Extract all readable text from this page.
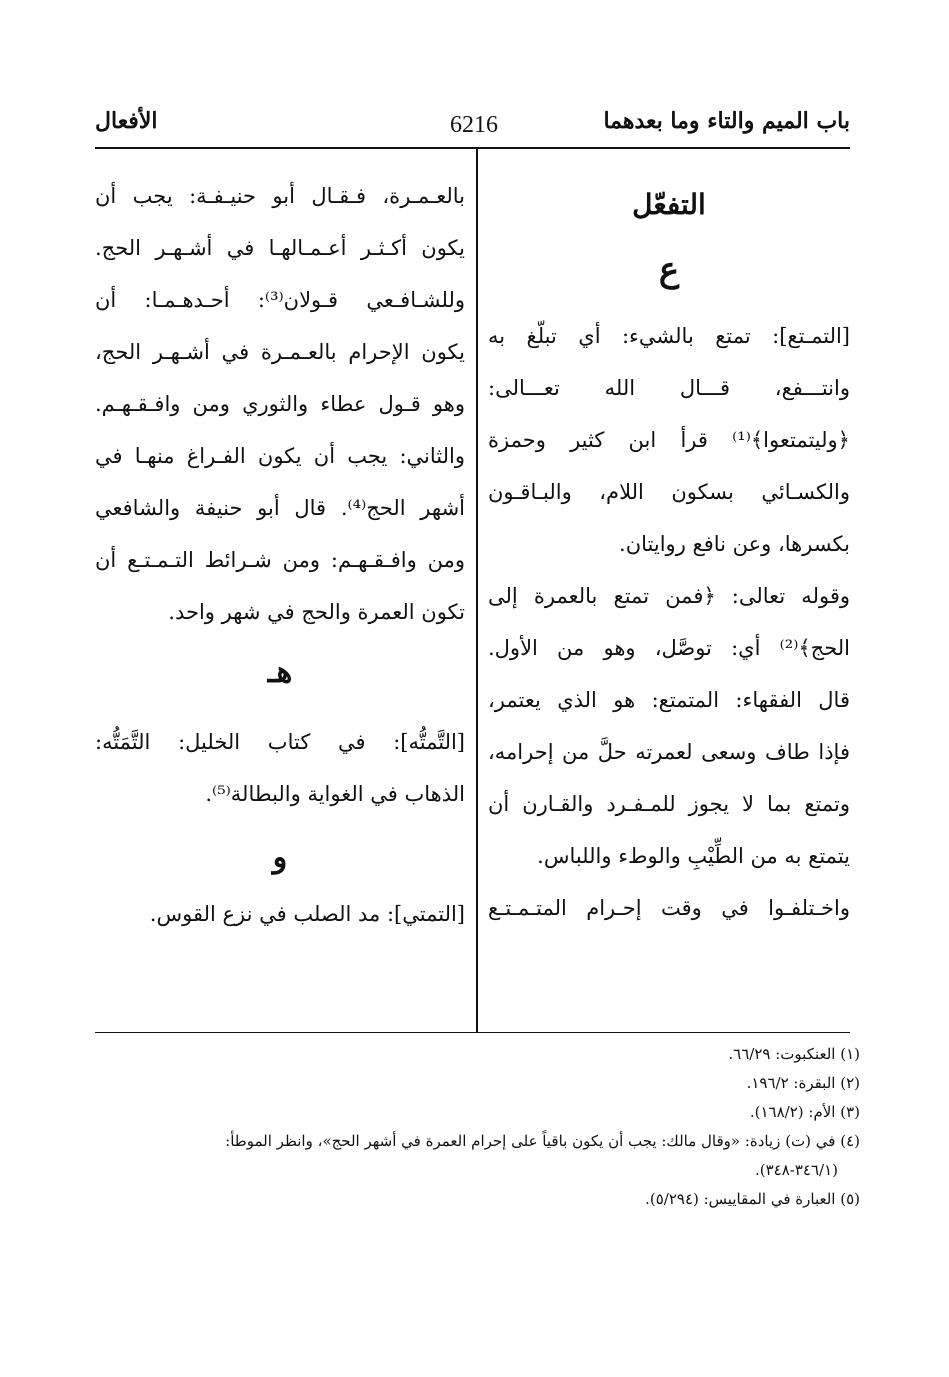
باب الميم والتاء وما بعدهما
6216
الأفعال
التفعّل
ع
[التمـتع]: تمتع بالشيء: أي تبلّغ به
وانتـــفع، قـــال الله تعـــالى:
﴿وليتمتعوا﴾⁽¹⁾ قرأ ابن كثير وحمزة
والكسـائي بسكون اللام، والبـاقـون
بكسرها، وعن نافع روايتان.
وقوله تعالى: ﴿فمن تمتع بالعمرة إلى
الحج﴾⁽²⁾ أي: توصَّل، وهو من الأول.
قال الفقهاء: المتمتع: هو الذي يعتمر،
فإذا طاف وسعى لعمرته حلَّ من إحرامه،
وتمتع بما لا يجوز للمـفـرد والقـارن أن
يتمتع به من الطِّيْبِ والوطء واللباس.
واخـتلفـوا في وقت إحـرام المتـمـتـع
بالعـمـرة، فـقـال أبو حنيـفـة: يجب أن
يكون أكـثـر أعـمـالهـا في أشـهـر الحج.
وللشـافـعي قـولان⁽³⁾: أحـدهـمـا: أن
يكون الإحرام بالعـمـرة في أشـهـر الحج،
وهو قـول عطاء والثوري ومن وافـقـهـم.
والثاني: يجب أن يكون الفـراغ منهـا في
أشهر الحج⁽⁴⁾. قال أبو حنيفة والشافعي
ومن وافـقـهـم: ومن شـرائط التـمـتـع أن
تكون العمرة والحج في شهر واحد.
هـ
[التَّمتُّه]: في كتاب الخليل: التَّمَتُّه:
الذهاب في الغواية والبطالة⁽⁵⁾.
و
[التمتي]: مد الصلب في نزع القوس.
(١) العنكبوت: ٦٦/٢٩.
(٢) البقرة: ١٩٦/٢.
(٣) الأم: (١٦٨/٢).
(٤) في (ت) زيادة: «وقال مالك: يجب أن يكون باقياً على إحرام العمرة في أشهر الحج»، وانظر الموطأ:
(٣٤٦/١-٣٤٨).
(٥) العبارة في المقاييس: (٥/٢٩٤).
